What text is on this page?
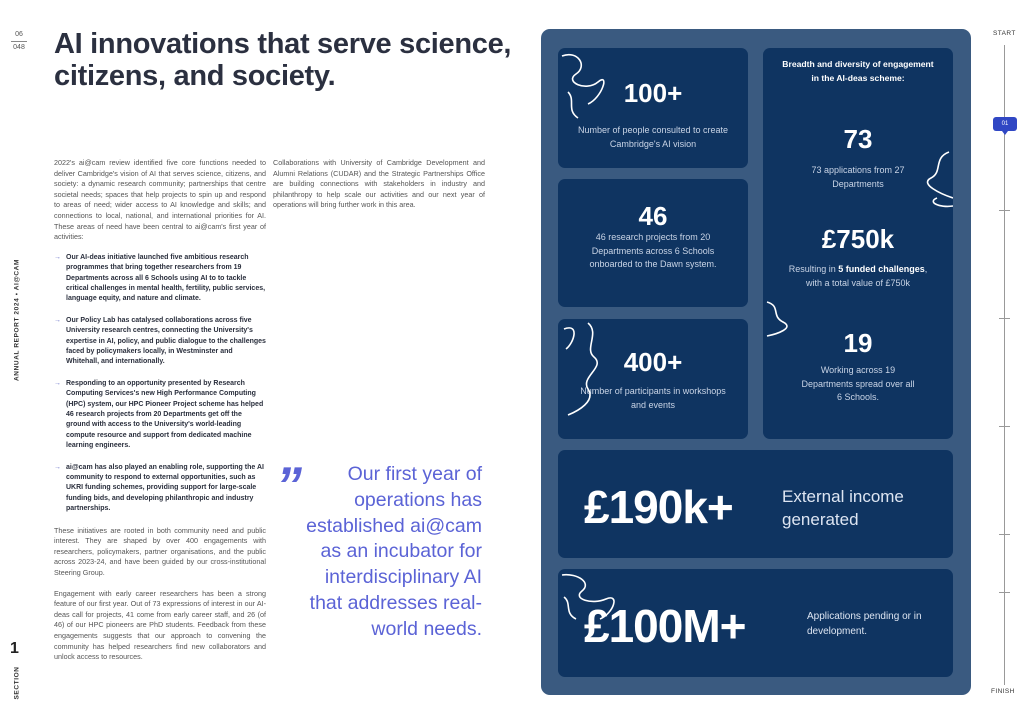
06
048
ANNUAL REPORT 2024 • AI@CAM
1
SECTION
AI innovations that serve science, citizens, and society.

2022's ai@cam review identified five core functions needed to deliver Cambridge's vision of AI that serves science, citizens, and society: a dynamic research community; partnerships that centre societal needs; spaces that help projects to spin up and respond to areas of need; wider access to AI knowledge and skills; and connections to local, national, and international priorities for AI. These areas of need have been central to ai@cam's first year of activities:

→ Our AI-deas initiative launched five ambitious research programmes that bring together researchers from 19 Departments across all 6 Schools using AI to to tackle critical challenges in mental health, fertility, public services, language equity, and nature and climate.
→ Our Policy Lab has catalysed collaborations across five University research centres, connecting the University's expertise in AI, policy, and public dialogue to the challenges faced by policymakers locally, in Westminster and Whitehall, and internationally.
→ Responding to an opportunity presented by Research Computing Services's new High Performance Computing (HPC) system, our HPC Pioneer Project scheme has helped 46 research projects from 20 Departments get off the ground with access to the University's world-leading compute resource and support from dedicated machine learning engineers.
→ ai@cam has also played an enabling role, supporting the AI community to respond to external opportunities, such as UKRI funding schemes, providing support for large-scale funding bids, and developing philanthropic and industry partnerships.

These initiatives are rooted in both community need and public interest. They are shaped by over 400 engagements with researchers, policymakers, partner organisations, and the public across 2023-24, and have been guided by our cross-institutional Steering Group.

Engagement with early career researchers has been a strong feature of our first year. Out of 73 expressions of interest in our AI-deas call for projects, 41 come from early career staff, and 26 (of 46) of our HPC pioneers are PhD students. Feedback from these engagements suggests that our approach to convening the community has helped researchers find new collaborators and unlock access to resources.

Collaborations with University of Cambridge Development and Alumni Relations (CUDAR) and the Strategic Partnerships Office are building connections with stakeholders in industry and philanthropy to help scale our activities and our next year of operations will bring further work in this area.

”	Our first year of operations has established ai@cam as an incubator for interdisciplinary AI that addresses real-world needs.
100+
Number of people consulted to create Cambridge's AI vision
46
46 research projects from 20 Departments across 6 Schools onboarded to the Dawn system.
400+
Number of participants in workshops and events
Breadth and diversity of engagement in the AI-deas scheme:
73
73 applications from 27 Departments
£750k
Resulting in 5 funded challenges, with a total value of £750k
19
Working across 19 Departments spread over all 6 Schools.
£190k+	External income generated
£100M+	Applications pending or in development.
START
01
FINISH
